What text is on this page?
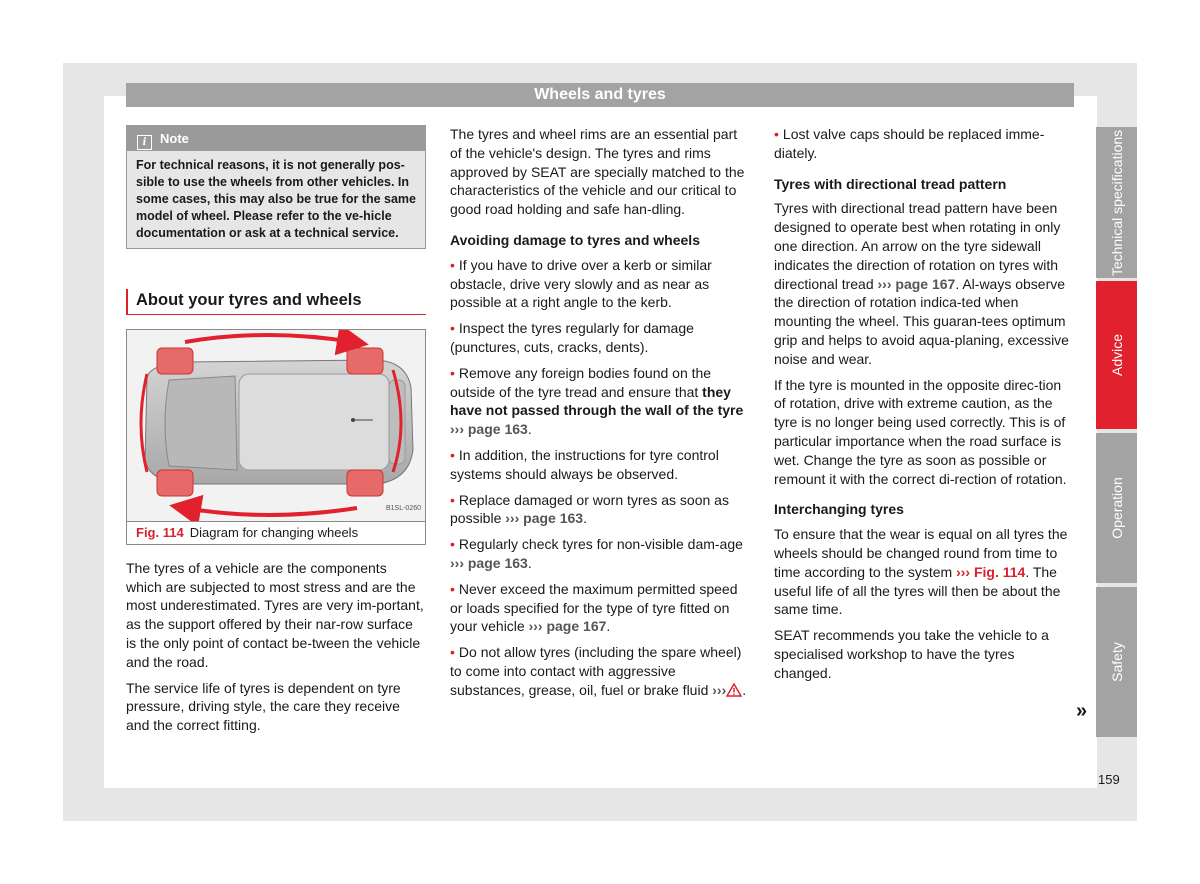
Wheels and tyres
i Note
For technical reasons, it is not generally pos-sible to use the wheels from other vehicles. In some cases, this may also be true for the same model of wheel. Please refer to the ve-hicle documentation or ask at a technical service.
About your tyres and wheels
B1SL-0260
Fig. 114 Diagram for changing wheels

The tyres of a vehicle are the components which are subjected to most stress and are the most underestimated. Tyres are very im-portant, as the support offered by their nar-row surface is the only point of contact be-tween the vehicle and the road.

The service life of tyres is dependent on tyre pressure, driving style, the care they receive and the correct fitting.

The tyres and wheel rims are an essential part of the vehicle's design. The tyres and rims approved by SEAT are specially matched to the characteristics of the vehicle and our critical to good road holding and safe han-dling.

Avoiding damage to tyres and wheels

• If you have to drive over a kerb or similar obstacle, drive very slowly and as near as possible at a right angle to the kerb.

• Inspect the tyres regularly for damage (punctures, cuts, cracks, dents).

• Remove any foreign bodies found on the outside of the tyre tread and ensure that they have not passed through the wall of the tyre ››› page 163.

• In addition, the instructions for tyre control systems should always be observed.

• Replace damaged or worn tyres as soon as possible ››› page 163.

• Regularly check tyres for non-visible dam-age ››› page 163.

• Never exceed the maximum permitted speed or loads specified for the type of tyre fitted on your vehicle ››› page 167.

• Do not allow tyres (including the spare wheel) to come into contact with aggressive substances, grease, oil, fuel or brake fluid ››› .

• Lost valve caps should be replaced imme-diately.

Tyres with directional tread pattern

Tyres with directional tread pattern have been designed to operate best when rotating in only one direction. An arrow on the tyre sidewall indicates the direction of rotation on tyres with directional tread ››› page 167. Al-ways observe the direction of rotation indica-ted when mounting the wheel. This guaran-tees optimum grip and helps to avoid aqua-planing, excessive noise and wear.

If the tyre is mounted in the opposite direc-tion of rotation, drive with extreme caution, as the tyre is no longer being used correctly. This is of particular importance when the road surface is wet. Change the tyre as soon as possible or remount it with the correct di-rection of rotation.

Interchanging tyres

To ensure that the wear is equal on all tyres the wheels should be changed round from time to time according to the system ››› Fig. 114. The useful life of all the tyres will then be about the same time.

SEAT recommends you take the vehicle to a specialised workshop to have the tyres changed.

»
Technical specifications
Advice
Operation
Safety
159
